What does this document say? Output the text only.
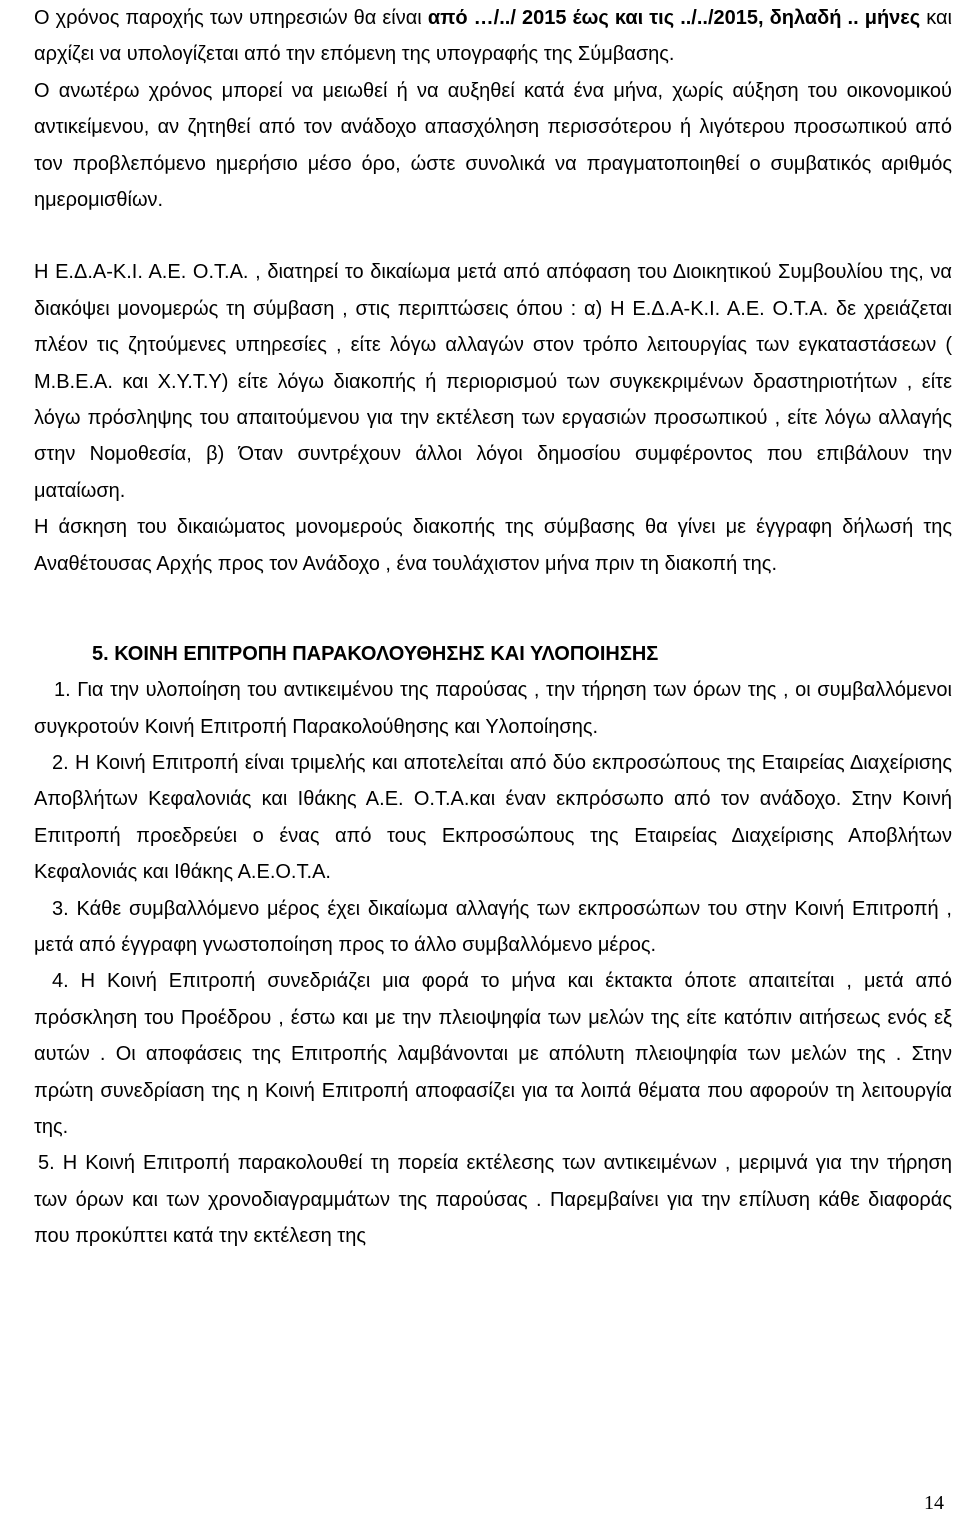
Ο χρόνος παροχής των υπηρεσιών θα είναι από …/../ 2015 έως και τις ../../2015, δηλαδή .. μήνες και αρχίζει να υπολογίζεται από την επόμενη της υπογραφής της Σύμβασης.

Ο ανωτέρω χρόνος μπορεί να μειωθεί ή να αυξηθεί κατά ένα μήνα, χωρίς αύξηση του οικονομικού αντικείμενου, αν ζητηθεί από τον ανάδοχο απασχόληση περισσότερου ή λιγότερου προσωπικού από τον προβλεπόμενο ημερήσιο μέσο όρο, ώστε συνολικά να πραγματοποιηθεί ο συμβατικός αριθμός ημερομισθίων.

Η Ε.Δ.Α-Κ.Ι. Α.Ε. Ο.Τ.Α. , διατηρεί το δικαίωμα μετά από απόφαση του Διοικητικού Συμβουλίου της, να διακόψει μονομερώς τη σύμβαση , στις περιπτώσεις όπου : α) Η Ε.Δ.Α-Κ.Ι. Α.Ε. Ο.Τ.Α. δε χρειάζεται πλέον τις ζητούμενες υπηρεσίες , είτε λόγω αλλαγών στον τρόπο λειτουργίας των εγκαταστάσεων ( Μ.Β.Ε.Α. και Χ.Υ.Τ.Υ) είτε λόγω διακοπής ή περιορισμού των συγκεκριμένων δραστηριοτήτων , είτε λόγω πρόσληψης του απαιτούμενου για την εκτέλεση των εργασιών προσωπικού , είτε λόγω αλλαγής στην Νομοθεσία, β) Όταν συντρέχουν άλλοι λόγοι δημοσίου συμφέροντος που επιβάλουν την ματαίωση.

Η άσκηση του δικαιώματος μονομερούς διακοπής της σύμβασης θα γίνει με έγγραφη δήλωσή της Αναθέτουσας Αρχής προς τον Ανάδοχο , ένα τουλάχιστον μήνα πριν τη διακοπή της.

5. ΚΟΙΝΗ ΕΠΙΤΡΟΠΗ ΠΑΡΑΚΟΛΟΥΘΗΣΗΣ ΚΑΙ ΥΛΟΠΟΙΗΣΗΣ

1. Για την υλοποίηση του αντικειμένου της παρούσας , την τήρηση των όρων της , οι συμβαλλόμενοι συγκροτούν Κοινή Επιτροπή Παρακολούθησης και Υλοποίησης.

2. Η Κοινή Επιτροπή είναι τριμελής και αποτελείται από δύο εκπροσώπους της Εταιρείας Διαχείρισης Αποβλήτων Κεφαλονιάς και Ιθάκης Α.Ε. Ο.Τ.Α.και έναν εκπρόσωπο από τον ανάδοχο. Στην Κοινή Επιτροπή προεδρεύει ο ένας από τους Εκπροσώπους της Εταιρείας Διαχείρισης Αποβλήτων Κεφαλονιάς και Ιθάκης Α.Ε.Ο.Τ.Α.

3. Κάθε συμβαλλόμενο μέρος έχει δικαίωμα αλλαγής των εκπροσώπων του στην Κοινή Επιτροπή , μετά από έγγραφη γνωστοποίηση προς το άλλο συμβαλλόμενο μέρος.

4. Η Κοινή Επιτροπή συνεδριάζει μια φορά το μήνα και έκτακτα όποτε απαιτείται , μετά από πρόσκληση του Προέδρου , έστω και με την πλειοψηφία των μελών της είτε κατόπιν αιτήσεως ενός εξ αυτών . Οι αποφάσεις της Επιτροπής λαμβάνονται με απόλυτη πλειοψηφία των μελών της . Στην πρώτη συνεδρίαση της η Κοινή Επιτροπή αποφασίζει για τα λοιπά θέματα που αφορούν τη λειτουργία της.

5. Η Κοινή Επιτροπή παρακολουθεί τη πορεία εκτέλεσης των αντικειμένων , μεριμνά για την τήρηση των όρων και των χρονοδιαγραμμάτων της παρούσας . Παρεμβαίνει για την επίλυση κάθε διαφοράς που προκύπτει κατά την εκτέλεση της

14
